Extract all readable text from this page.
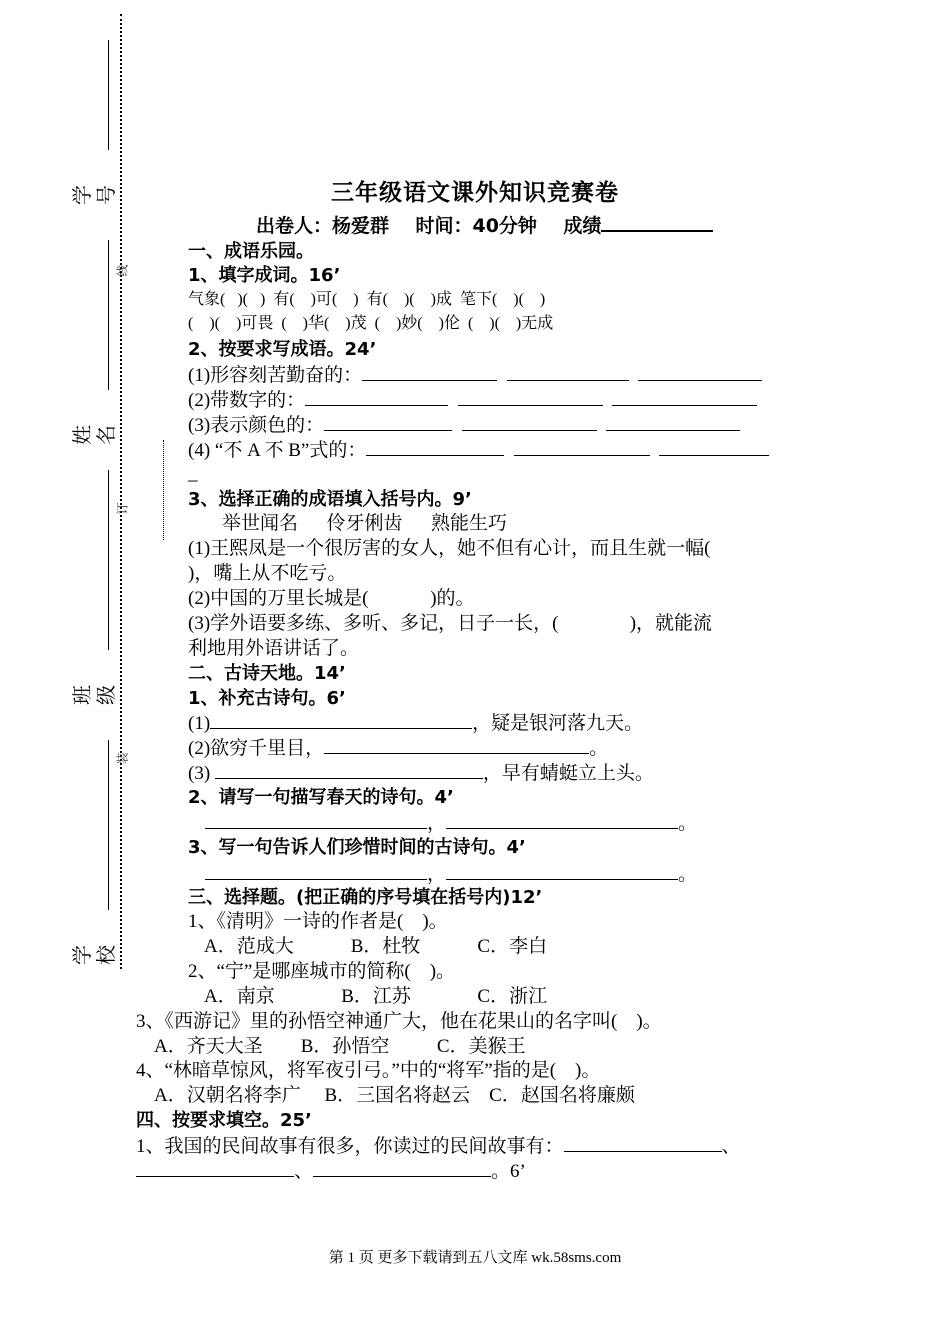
学 号
线
姓 名
订
班 级
装
学 校
三年级语文课外知识竞赛卷
出卷人：杨爱群 时间：40分钟 成绩
一、成语乐园。
1、填字成词。16’
气象(   )(   )  有(    )可(    )  有(    )(    )成  笔下(    )(    )
(    )(    )可畏  (    )华(    )茂  (    )妙(    )伦  (    )(    )无成
2、按要求写成语。24’
(1)形容刻苦勤奋的：
(2)带数字的：
(3)表示颜色的：
(4) “不 A 不 B”式的：
_
3、选择正确的成语填入括号内。9’
举世闻名      伶牙俐齿      熟能生巧
(1)王熙凤是一个很厉害的女人，她不但有心计，而且生就一幅(
)，嘴上从不吃亏。
(2)中国的万里长城是(             )的。
(3)学外语要多练、多听、多记，日子一长，(               )，就能流
利地用外语讲话了。
二、古诗天地。14’
1、补充古诗句。6’
(1)	，疑是银河落九天。
(2)欲穷千里目，	。
(3)	，早有蜻蜓立上头。
2、请写一句描写春天的诗句。4’
，	。
3、写一句告诉人们珍惜时间的古诗句。4’
，	。
三、选择题。(把正确的序号填在括号内)12’
1、《清明》一诗的作者是(    )。
A．范成大            B．杜牧            C．李白
2、“宁”是哪座城市的简称(    )。
A．南京              B．江苏              C．浙江
3、《西游记》里的孙悟空神通广大，他在花果山的名字叫(    )。
A．齐天大圣        B．孙悟空          C．美猴王
4、“林暗草惊风，将军夜引弓。”中的“将军”指的是(    )。
A．汉朝名将李广     B．三国名将赵云    C．赵国名将廉颇
四、按要求填空。25’
1、我国的民间故事有很多，你读过的民间故事有：	、
、	。6’
第 1 页 更多下载请到五八文库 wk.58sms.com
